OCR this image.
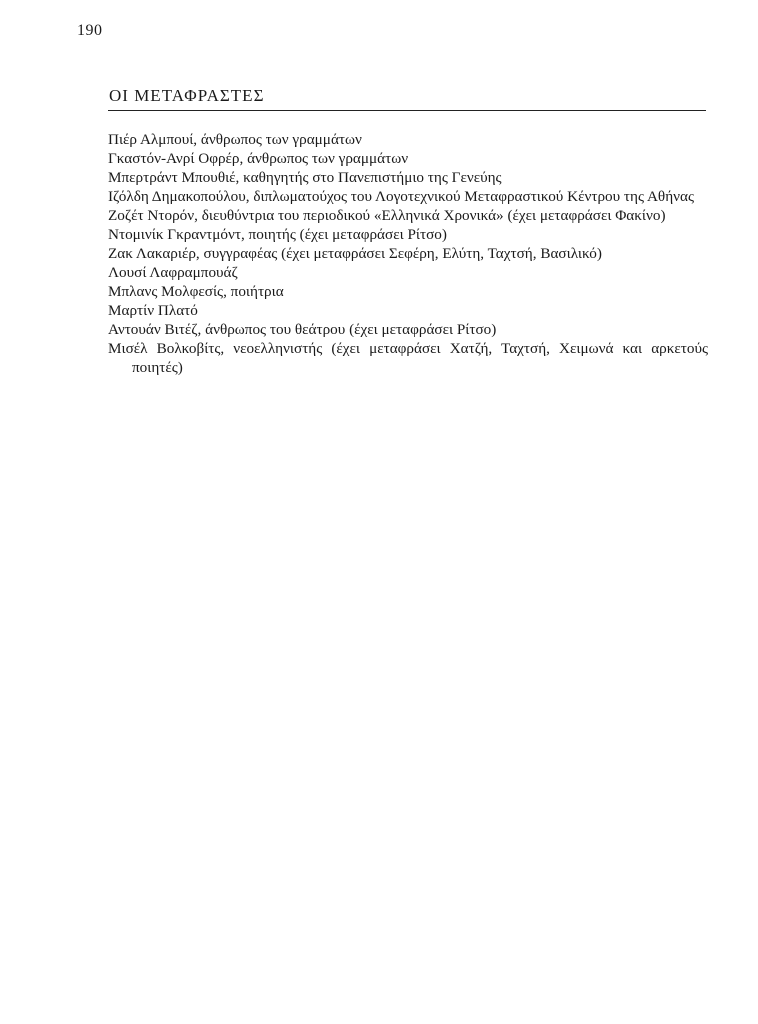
190
ΟΙ ΜΕΤΑΦΡΑΣΤΕΣ
Πιέρ Αλμπουί, άνθρωπος των γραμμάτων
Γκαστόν-Ανρί Οφρέρ, άνθρωπος των γραμμάτων
Μπερτράντ Μπουθιέ, καθηγητής στο Πανεπιστήμιο της Γενεύης
Ιζόλδη Δημακοπούλου, διπλωματούχος του Λογοτεχνικού Μεταφραστικού Κέντρου της Αθήνας
Ζοζέτ Ντορόν, διευθύντρια του περιοδικού «Ελληνικά Χρονικά» (έχει μεταφράσει Φακίνο)
Ντομινίκ Γκραντμόντ, ποιητής (έχει μεταφράσει Ρίτσο)
Ζακ Λακαριέρ, συγγραφέας (έχει μεταφράσει Σεφέρη, Ελύτη, Ταχτσή, Βασιλικό)
Λουσί Λαφραμπουάζ
Μπλανς Μολφεσίς, ποιήτρια
Μαρτίν Πλατό
Αντουάν Βιτέζ, άνθρωπος του θεάτρου (έχει μεταφράσει Ρίτσο)
Μισέλ Βολκοβίτς, νεοελληνιστής (έχει μεταφράσει Χατζή, Ταχτσή, Χειμωνά και αρκετούς ποιητές)
